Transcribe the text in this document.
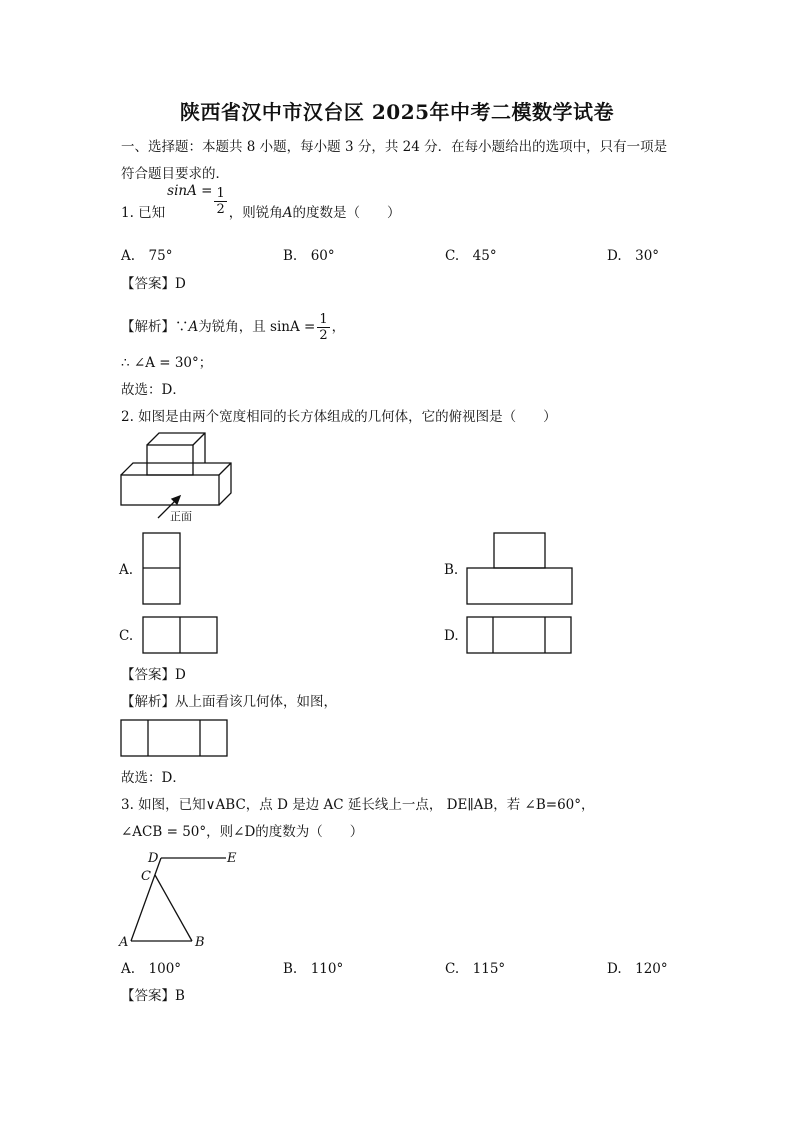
陕西省汉中市汉台区 2025年中考二模数学试卷
一、选择题：本题共 8 小题，每小题 3 分，共 24 分．在每小题给出的选项中，只有一项是
符合题目要求的．
1. 已知$\sin A = \frac{1}{2}$ ，则锐角A的度数是（　　）
A.　75°	B.　60°	C.　45°	D.　30°
【答案】D
【解析】∵A为锐角，且 $\sin A = \frac{1}{2}$ ，
∴ ∠A = 30°；
故选：D．
2. 如图是由两个宽度相同的长方体组成的几何体，它的俯视图是（　　）
正面
D	E
C
A	B
A.	B.
C.	D.
【答案】D
【解析】从上面看该几何体，如图，
故选：D．
3. 如图，已知∨ABC，点 D 是边 AC 延长线上一点， DE∥AB，若 ∠B=60°，
∠ACB = 50°，则∠D的度数为（　　）
A.　100°	B.　110°	C.　115°	D.　120°
【答案】B
